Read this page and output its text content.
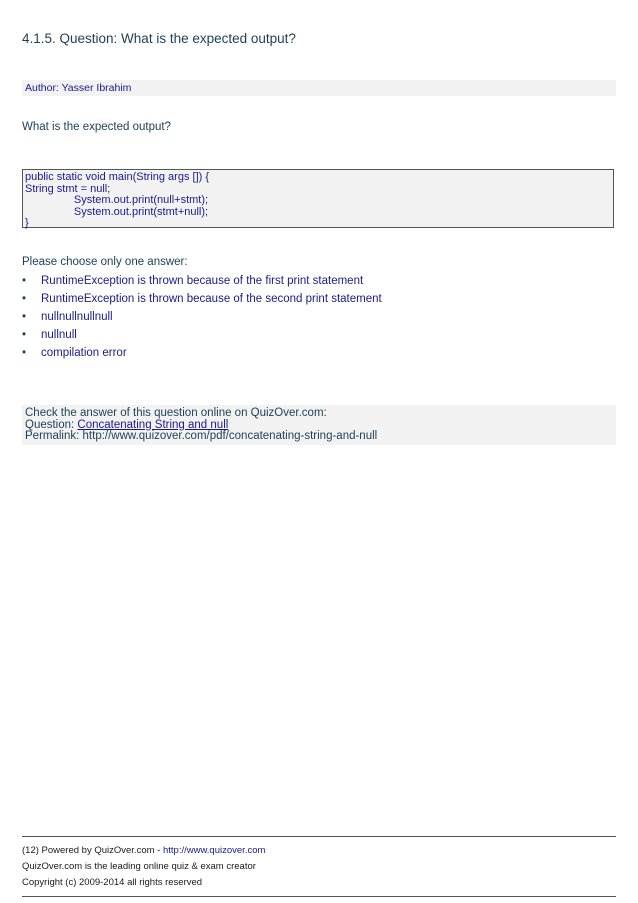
4.1.5. Question: What is the expected output?
Author: Yasser Ibrahim
What is the expected output?
public static void main(String args []) {
String stmt = null;
System.out.print(null+stmt);
System.out.print(stmt+null);
}
Please choose only one answer:
• RuntimeException is thrown because of the first print statement
• RuntimeException is thrown because of the second print statement
• nullnullnullnull
• nullnull
• compilation error
Check the answer of this question online on QuizOver.com:
Question: Concatenating String and null
Permalink: http://www.quizover.com/pdf/concatenating-string-and-null
(12) Powered by QuizOver.com - http://www.quizover.com
QuizOver.com is the leading online quiz & exam creator
Copyright (c) 2009-2014 all rights reserved
